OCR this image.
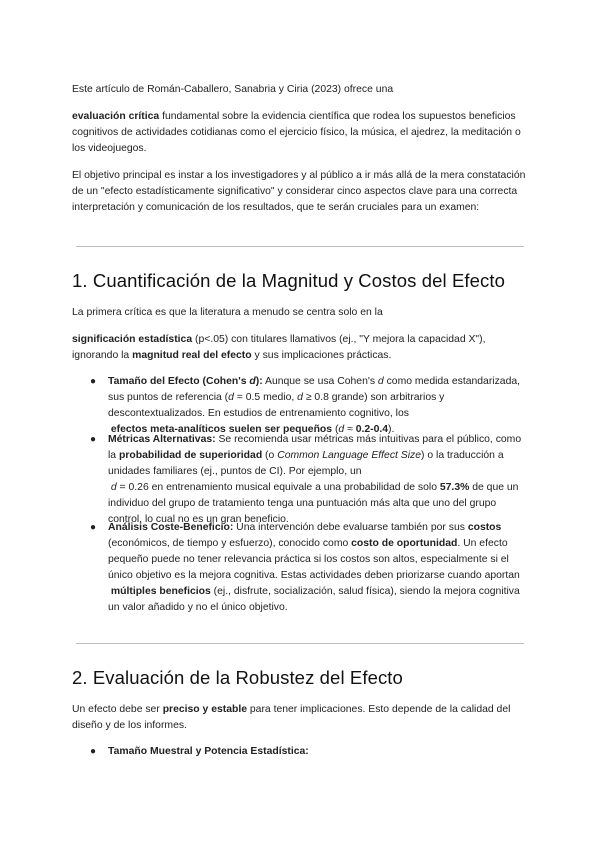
Este artículo de Román-Caballero, Sanabria y Ciria (2023) ofrece una

evaluación crítica fundamental sobre la evidencia científica que rodea los supuestos beneficios cognitivos de actividades cotidianas como el ejercicio físico, la música, el ajedrez, la meditación o los videojuegos.

El objetivo principal es instar a los investigadores y al público a ir más allá de la mera constatación de un "efecto estadísticamente significativo" y considerar cinco aspectos clave para una correcta interpretación y comunicación de los resultados, que te serán cruciales para un examen:

1. Cuantificación de la Magnitud y Costos del Efecto

La primera crítica es que la literatura a menudo se centra solo en la

significación estadística (p<.05) con titulares llamativos (ej., "Y mejora la capacidad X"), ignorando la magnitud real del efecto y sus implicaciones prácticas.

● Tamaño del Efecto (Cohen's d): Aunque se usa Cohen's d como medida estandarizada, sus puntos de referencia (d = 0.5 medio, d ≥ 0.8 grande) son arbitrarios y descontextualizados. En estudios de entrenamiento cognitivo, los
efectos meta-analíticos suelen ser pequeños (d ≈ 0.2-0.4).

● Métricas Alternativas: Se recomienda usar métricas más intuitivas para el público, como la probabilidad de superioridad (o Common Language Effect Size) o la traducción a unidades familiares (ej., puntos de CI). Por ejemplo, un
d = 0.26 en entrenamiento musical equivale a una probabilidad de solo 57.3% de que un individuo del grupo de tratamiento tenga una puntuación más alta que uno del grupo control, lo cual no es un gran beneficio.

● Análisis Coste-Beneficio: Una intervención debe evaluarse también por sus costos (económicos, de tiempo y esfuerzo), conocido como costo de oportunidad. Un efecto pequeño puede no tener relevancia práctica si los costos son altos, especialmente si el único objetivo es la mejora cognitiva. Estas actividades deben priorizarse cuando aportan
múltiples beneficios (ej., disfrute, socialización, salud física), siendo la mejora cognitiva un valor añadido y no el único objetivo.

2. Evaluación de la Robustez del Efecto

Un efecto debe ser preciso y estable para tener implicaciones. Esto depende de la calidad del diseño y de los informes.

● Tamaño Muestral y Potencia Estadística:
